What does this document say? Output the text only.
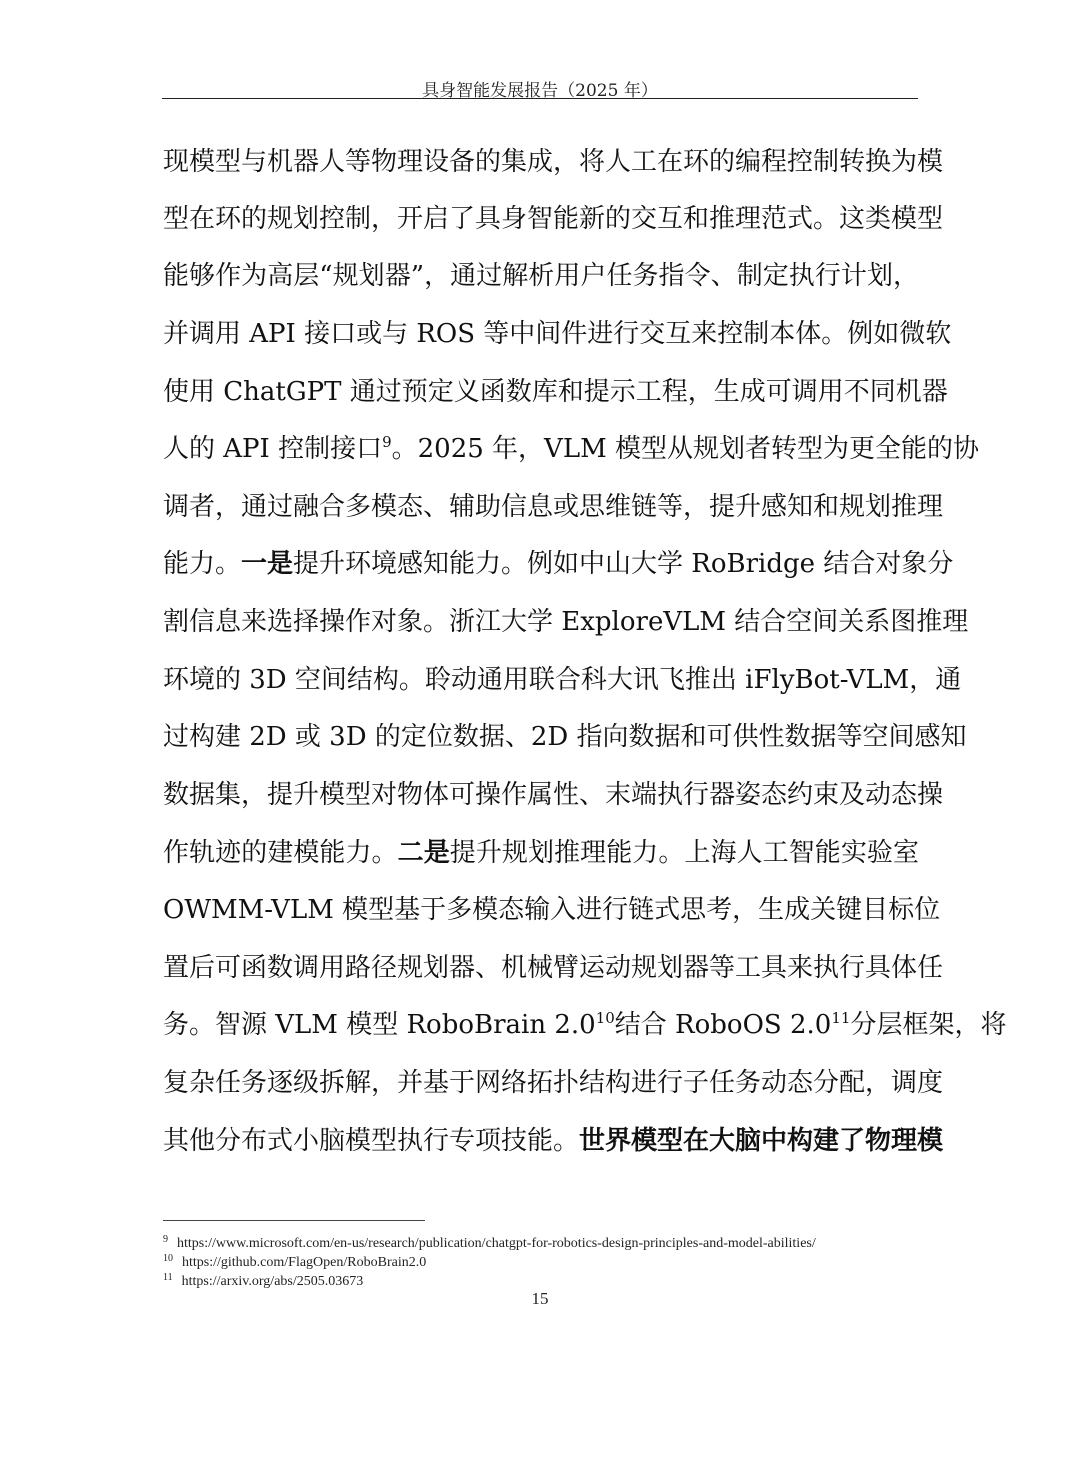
具身智能发展报告（2025 年）
现模型与机器人等物理设备的集成，将人工在环的编程控制转换为模
型在环的规划控制，开启了具身智能新的交互和推理范式。这类模型
能够作为高层“规划器”，通过解析用户任务指令、制定执行计划，
并调用 API 接口或与 ROS 等中间件进行交互来控制本体。例如微软
使用 ChatGPT 通过预定义函数库和提示工程，生成可调用不同机器
人的 API 控制接口$^9$。2025 年，VLM 模型从规划者转型为更全能的协
调者，通过融合多模态、辅助信息或思维链等，提升感知和规划推理
能力。一是提升环境感知能力。例如中山大学 RoBridge 结合对象分
割信息来选择操作对象。浙江大学 ExploreVLM 结合空间关系图推理
环境的 3D 空间结构。聆动通用联合科大讯飞推出 iFlyBot-VLM，通
过构建 2D 或 3D 的定位数据、2D 指向数据和可供性数据等空间感知
数据集，提升模型对物体可操作属性、末端执行器姿态约束及动态操
作轨迹的建模能力。二是提升规划推理能力。上海人工智能实验室
OWMM-VLM 模型基于多模态输入进行链式思考，生成关键目标位
置后可函数调用路径规划器、机械臂运动规划器等工具来执行具体任
务。智源 VLM 模型 RoboBrain $2.0^{10}$结合 RoboOS $2.0^{11}$分层框架，将
复杂任务逐级拆解，并基于网络拓扑结构进行子任务动态分配，调度
其他分布式小脑模型执行专项技能。世界模型在大脑中构建了物理模
$^9$ https://www.microsoft.com/en-us/research/publication/chatgpt-for-robotics-design-principles-and-model-abilities/
$^{10}$ https://github.com/FlagOpen/RoboBrain2.0
$^{11}$ https://arxiv.org/abs/2505.03673
15
